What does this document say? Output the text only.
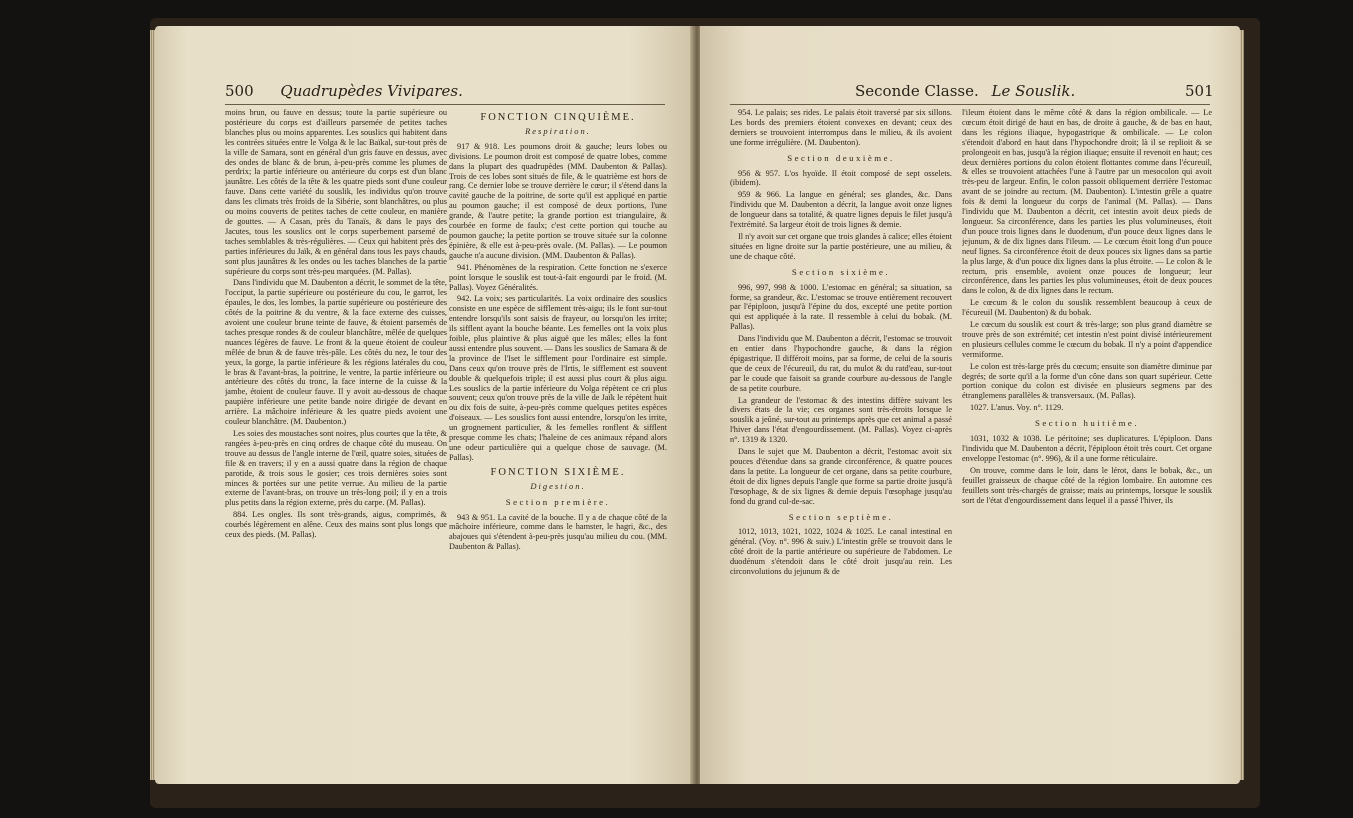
500 Quadrupèdes Vivipares.

moins brun, ou fauve en dessus; toute la partie supérieure ou postérieure du corps est d'ailleurs parsemée de petites taches blanches plus ou moins apparentes. Les souslics qui habitent dans les contrées situées entre le Volga & le lac Baïkal, sur-tout près de la ville de Samara, sont en général d'un gris fauve en dessus, avec des ondes de blanc & de brun, à-peu-près comme les plumes de perdrix; la partie inférieure ou antérieure du corps est d'un blanc jaunâtre. Les côtés de la tête & les quatre pieds sont d'une couleur fauve. Dans cette variété du souslik, les individus qu'on trouve dans les climats très froids de la Sibérie, sont blanchâtres, ou plus ou moins couverts de petites taches de cette couleur, en manière de gouttes. — A Casan, près du Tanaïs, & dans le pays des Jacutes, tous les souslics ont le corps superbement parsemé de taches semblables & très-régulières. — Ceux qui habitent près des parties inférieures du Jaïk, & en général dans tous les pays chauds, sont plus jaunâtres & les ondes ou les taches blanches de la partie supérieure du corps sont très-peu marquées. (M. Pallas).

Dans l'individu que M. Daubenton a décrit, le sommet de la tête, l'occiput, la partie supérieure ou postérieure du cou, le garrot, les épaules, le dos, les lombes, la partie supérieure ou postérieure des côtés de la poitrine & du ventre, & la face externe des cuisses, avoient une couleur brune teinte de fauve, & étoient parsemés de taches presque rondes & de couleur blanchâtre, mêlée de quelques nuances légères de fauve. Le front & la queue étoient de couleur mêlée de brun & de fauve très-pâle. Les côtés du nez, le tour des yeux, la gorge, la partie inférieure & les régions latérales du cou, le bras & l'avant-bras, la poitrine, le ventre, la partie inférieure ou antérieure des côtés du tronc, la face interne de la cuisse & la jambe, étoient de couleur fauve. Il y avoit au-dessous de chaque paupière inférieure une petite bande noire dirigée de devant en arrière. La mâchoire inférieure & les quatre pieds avoient une couleur blanchâtre. (M. Daubenton.)

Les soies des moustaches sont noires, plus courtes que la tête, & rangées à-peu-près en cinq ordres de chaque côté du museau. On trouve au dessus de l'angle interne de l'œil, quatre soies, situées de file & en travers; il y en a aussi quatre dans la région de chaque parotide, & trois sous le gosier; ces trois dernières soies sont minces & portées sur une petite verrue. Au milieu de la partie externe de l'avant-bras, on trouve un très-long poil; il y en a trois plus petits dans la région externe, près du carpe. (M. Pallas).

884. Les ongles. Ils sont très-grands, aigus, comprimés, & courbés légèrement en alêne. Ceux des mains sont plus longs que ceux des pieds. (M. Pallas).

FONCTION CINQUIÈME.
Respiration.

917 & 918. Les poumons droit & gauche; leurs lobes ou divisions. Le poumon droit est composé de quatre lobes, comme dans la plupart des quadrupèdes (MM. Daubenton & Pallas). Trois de ces lobes sont situés de file, & le quatrième est hors de rang. Ce dernier lobe se trouve derrière le cœur; il s'étend dans la cavité gauche de la poitrine, de sorte qu'il est appliqué en partie au poumon gauche; il est composé de deux portions, l'une grande, & l'autre petite; la grande portion est triangulaire, & courbée en forme de faulx; c'est cette portion qui touche au poumon gauche; la petite portion se trouve située sur la colonne épinière, & elle est à-peu-près ovale. (M. Pallas). — Le poumon gauche n'a aucune division. (MM. Daubenton & Pallas).

941. Phénomènes de la respiration. Cette fonction ne s'exerce point lorsque le souslik est tout-à-fait engourdi par le froid. (M. Pallas). Voyez Généralités.

942. La voix; ses particularités. La voix ordinaire des souslics consiste en une espèce de sifflement très-aigu; ils le font sur-tout entendre lorsqu'ils sont saisis de frayeur, ou lorsqu'on les irrite; ils sifflent ayant la bouche béante. Les femelles ont la voix plus foible, plus plaintive & plus aiguë que les mâles; elles la font aussi entendre plus souvent. — Dans les souslics de Samara & de la province de l'Iset le sifflement pour l'ordinaire est simple. Dans ceux qu'on trouve près de l'Irtis, le sifflement est souvent double & quelquefois triple; il est aussi plus court & plus aigu. Les souslics de la partie inférieure du Volga répètent ce cri plus souvent; ceux qu'on trouve près de la ville de Jaïk le répètent huit ou dix fois de suite, à-peu-près comme quelques petites espèces d'oiseaux. — Les souslics font aussi entendre, lorsqu'on les irrite, un grognement particulier, & les femelles ronflent & sifflent presque comme les chats; l'haleine de ces animaux répand alors une odeur particulière qui a quelque chose de sauvage. (M. Pallas).

FONCTION SIXIÈME.
Digestion.
Section première.

943 & 951. La cavité de la bouche. Il y a de chaque côté de la mâchoire inférieure, comme dans le hamster, le hagri, &c., des abajoues qui s'étendent à-peu-près jusqu'au milieu du cou. (MM. Daubenton & Pallas).

Seconde Classe. Le Souslik.	501

954. Le palais; ses rides. Le palais étoit traversé par six sillons. Les bords des premiers étoient convexes en devant; ceux des derniers se trouvoient interrompus dans le milieu, & ils avoient une forme irrégulière. (M. Daubenton).

Section deuxième.

956 & 957. L'os hyoïde. Il étoit composé de sept osselets. (ibidem).

959 & 966. La langue en général; ses glandes, &c. Dans l'individu que M. Daubenton a décrit, la langue avoit onze lignes de longueur dans sa totalité, & quatre lignes depuis le filet jusqu'à l'extrémité. Sa largeur étoit de trois lignes & demie.

Il n'y avoit sur cet organe que trois glandes à calice; elles étoient situées en ligne droite sur la partie postérieure, une au milieu, & une de chaque côté.

Section sixième.

996, 997, 998 & 1000. L'estomac en général; sa situation, sa forme, sa grandeur, &c. L'estomac se trouve entièrement recouvert par l'épiploon, jusqu'à l'épine du dos, excepté une petite portion qui est appliquée à la rate. Il ressemble à celui du bobak. (M. Pallas).

Dans l'individu que M. Daubenton a décrit, l'estomac se trouvoit en entier dans l'hypochondre gauche, & dans la région épigastrique. Il différoit moins, par sa forme, de celui de la souris que de ceux de l'écureuil, du rat, du mulot & du ratd'eau, sur-tout par le coude que faisoit sa grande courbure au-dessous de l'angle de sa petite courbure.

La grandeur de l'estomac & des intestins diffère suivant les divers états de la vie; ces organes sont très-étroits lorsque le souslik a jeûné, sur-tout au printemps après que cet animal a passé l'hiver dans l'état d'engourdissement. (M. Pallas). Voyez ci-après n°. 1319 & 1320.

Dans le sujet que M. Daubenton a décrit, l'estomac avoit six pouces d'étendue dans sa grande circonférence, & quatre pouces dans la petite. La longueur de cet organe, dans sa petite courbure, étoit de dix lignes depuis l'angle que forme sa partie droite jusqu'à l'œsophage, & de six lignes & demie depuis l'œsophage jusqu'au fond du grand cul-de-sac.

Section septième.

1012, 1013, 1021, 1022, 1024 & 1025. Le canal intestinal en général. (Voy. n°. 996 & suiv.) L'intestin grêle se trouvoit dans le côté droit de la partie antérieure ou supérieure de l'abdomen. Le duodénum s'étendoit dans le côté droit jusqu'au rein. Les circonvolutions du jejunum & de

l'ileum étoient dans le même côté & dans la région ombilicale. — Le cœcum étoit dirigé de haut en bas, de droite à gauche, & de bas en haut, dans les régions iliaque, hypogastrique & ombilicale. — Le colon s'étendoit d'abord en haut dans l'hypochondre droit; là il se replioit & se prolongeoit en bas, jusqu'à la région iliaque; ensuite il revenoit en haut; ces deux dernières portions du colon étoient flottantes comme dans l'écureuil, & elles se trouvoient attachées l'une à l'autre par un mesocolon qui avoit très-peu de largeur. Enfin, le colon passoit obliquement derrière l'estomac avant de se joindre au rectum. (M. Daubenton). L'intestin grêle a quatre fois & demi la longueur du corps de l'animal (M. Pallas). — Dans l'individu que M. Daubenton a décrit, cet intestin avoit deux pieds de longueur. Sa circonférence, dans les parties les plus volumineuses, étoit d'un pouce trois lignes dans le duodenum, d'un pouce deux lignes dans le jejunum, & de dix lignes dans l'ileum. — Le cœcum étoit long d'un pouce neuf lignes. Sa circonférence étoit de deux pouces six lignes dans sa partie la plus large, & d'un pouce dix lignes dans la plus étroite. — Le colon & le rectum, pris ensemble, avoient onze pouces de longueur; leur circonférence, dans les parties les plus volumineuses, étoit de deux pouces dans le colon, & de dix lignes dans le rectum.

Le cœcum & le colon du souslik ressemblent beaucoup à ceux de l'écureuil (M. Daubenton) & du bobak.

Le cœcum du souslik est court & très-large; son plus grand diamètre se trouve près de son extrémité; cet intestin n'est point divisé intérieurement en plusieurs cellules comme le cœcum du bobak. Il n'y a point d'appendice vermiforme.

Le colon est très-large près du cœcum; ensuite son diamètre diminue par degrés; de sorte qu'il a la forme d'un cône dans son quart supérieur. Cette portion conique du colon est divisée en plusieurs segmens par des étranglemens parallèles & transversaux. (M. Pallas).

1027. L'anus. Voy. n°. 1129.

Section huitième.

1031, 1032 & 1038. Le péritoine; ses duplicatures. L'épiploon. Dans l'individu que M. Daubenton a décrit, l'épiploon étoit très court. Cet organe enveloppe l'estomac (n°. 996), & il a une forme réticulaire.

On trouve, comme dans le loir, dans le lérot, dans le bobak, &c., un feuillet graisseux de chaque côté de la région lombaire. En automne ces feuillets sont très-chargés de graisse; mais au printemps, lorsque le souslik sort de l'état d'engourdissement dans lequel il a passé l'hiver, ils
